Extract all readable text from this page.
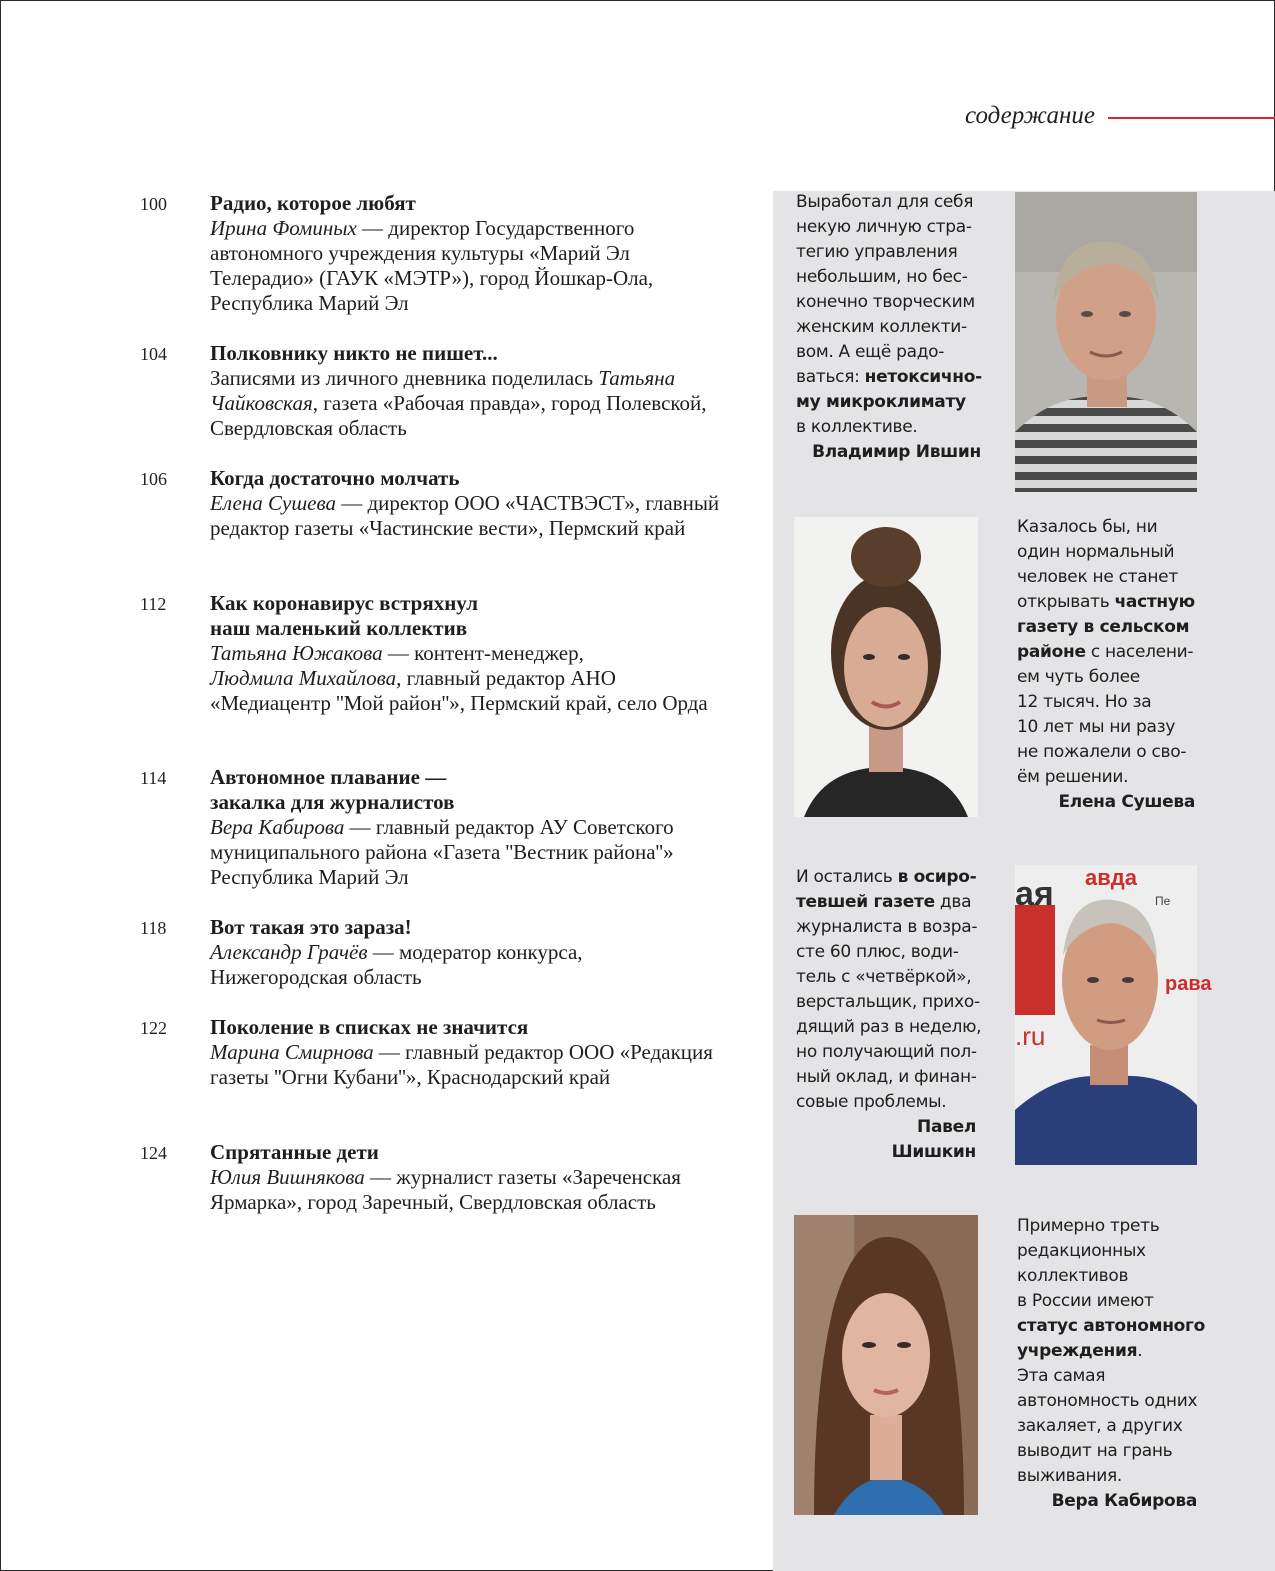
содержание
100 Радио, которое любят
Ирина Фоминых — директор Государственного автономного учреждения культуры «Марий Эл Телерадио» (ГАУК «МЭТР»), город Йошкар-Ола, Республика Марий Эл
104 Полковнику никто не пишет...
Записями из личного дневника поделилась Татьяна Чайковская, газета «Рабочая правда», город Полевской, Свердловская область
106 Когда достаточно молчать
Елена Сушева — директор ООО «ЧАСТВЭСТ», главный редактор газеты «Частинские вести», Пермский край
112 Как коронавирус встряхнул
наш маленький коллектив
Татьяна Южакова — контент-менеджер,
Людмила Михайлова, главный редактор АНО «Медиацентр ''Мой район''», Пермский край, село Орда
114 Автономное плавание —
закалка для журналистов
Вера Кабирова — главный редактор АУ Советского муниципального района «Газета ''Вестник района''» Республика Марий Эл
118 Вот такая это зараза!
Александр Грачёв — модератор конкурса, Нижегородская область
122 Поколение в списках не значится
Марина Смирнова — главный редактор ООО «Редакция газеты ''Огни Кубани''», Краснодарский край
124 Спрятанные дети
Юлия Вишнякова — журналист газеты «Зареченская Ярмарка», город Заречный, Свердловская область
Выработал для себя
некую личную стра-
тегию управления
небольшим, но бес-
конечно творческим
женским коллекти-
вом. А ещё радо-
ваться: нетоксично-
му микроклимату
в коллективе.
Владимир Ившин
Казалось бы, ни
один нормальный
человек не станет
открывать частную
газету в сельском
районе с населени-
ем чуть более
12 тысяч. Но за
10 лет мы ни разу
не пожалели о сво-
ём решении.
Елена Сушева
И остались в осиро-
тевшей газете два
журналиста в возра-
сте 60 плюс, води-
тель с «четвёркой»,
верстальщик, прихо-
дящий раз в неделю,
но получающий пол-
ный оклад, и финан-
совые проблемы.
Павел
Шишкин
ая авда
Пе
рава
.ru
Примерно треть
редакционных
коллективов
в России имеют
статус автономного
учреждения.
Эта самая
автономность одних
закаляет, а других
выводит на грань
выживания.
Вера Кабирова
